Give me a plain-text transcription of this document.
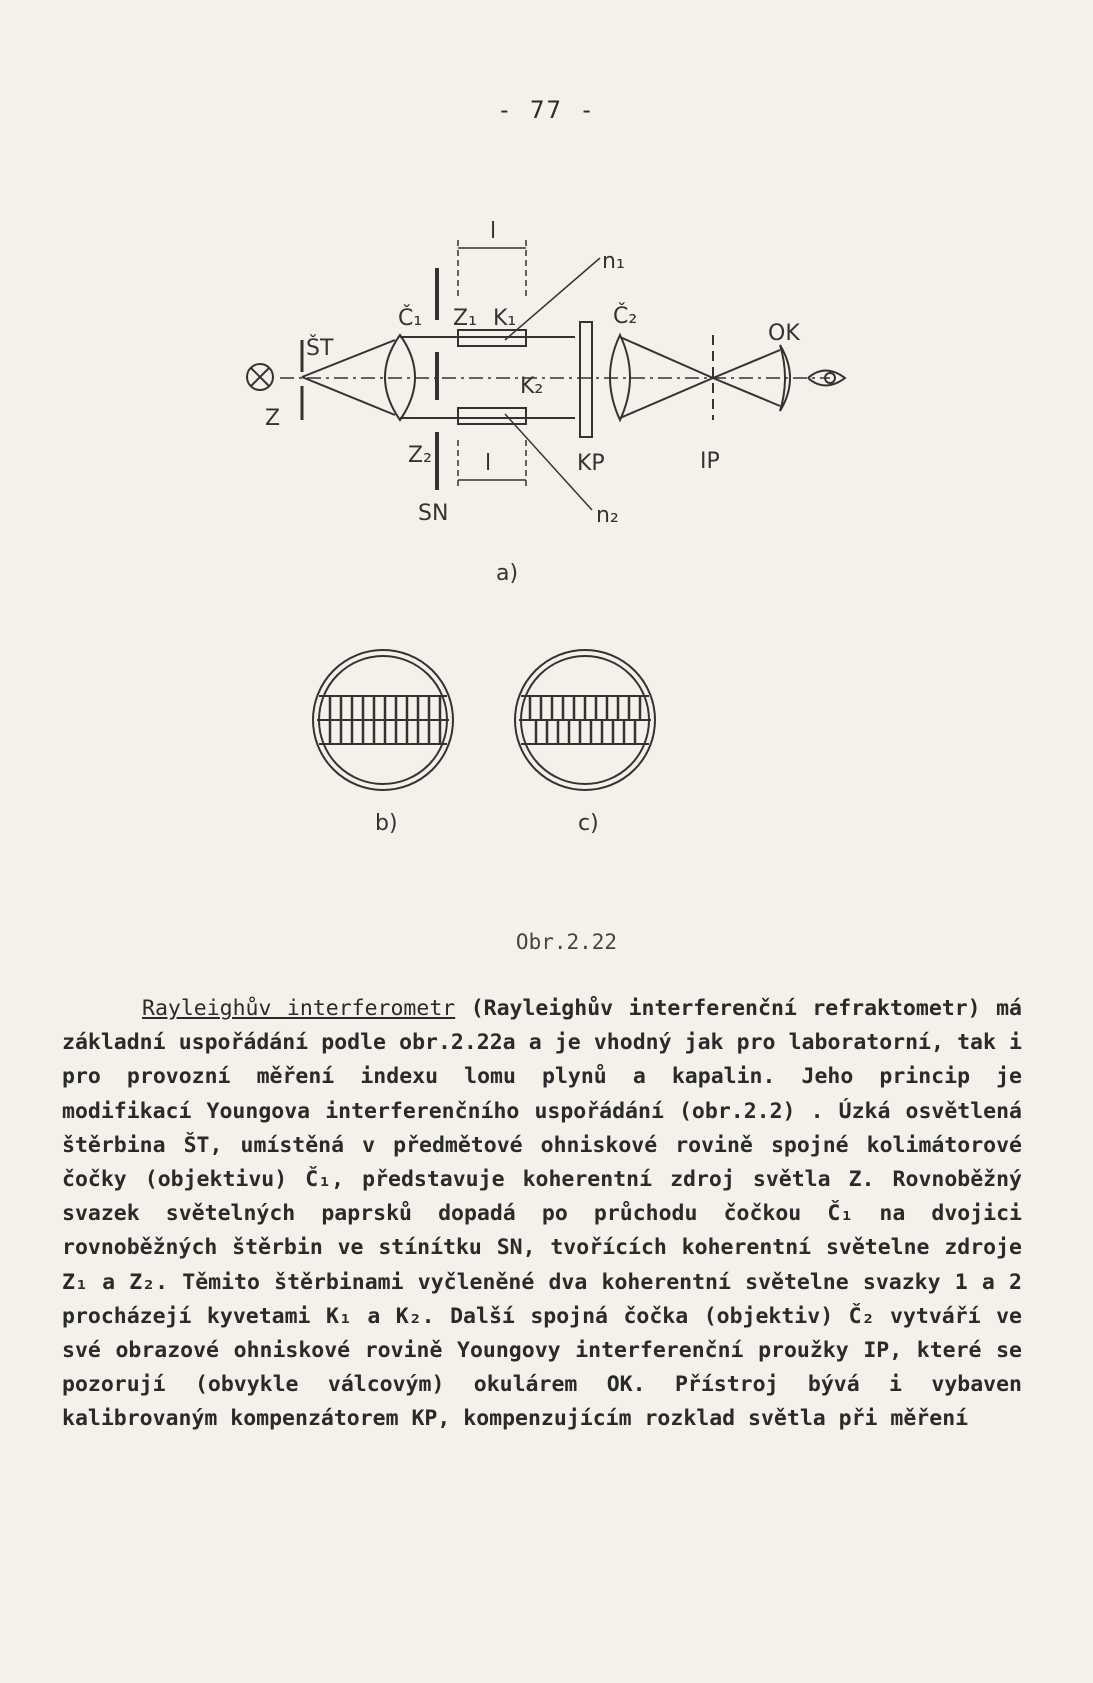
- 77 -
l
n₁
Č₁ Z₁ K₁	Č₂
ŠT
OK
K₂
Z
Z₂ l	KP	IP
SN	n₂
a)
b)	c)
Obr.2.22

Rayleighův interferometr (Rayleighův interferenční refraktometr) má základní uspořádání podle obr.2.22a a je vhodný jak pro laboratorní, tak i pro provozní měření indexu lomu plynů a kapalin. Jeho princip je modifikací Youngova interferenčního uspořádání (obr.2.2) . Úzká osvětlená štěrbina ŠT, umístěná v předmětové ohniskové rovině spojné kolimátorové čočky (objektivu) Č₁, představuje koherentní zdroj světla Z. Rovnoběžný svazek světelných paprsků dopadá po průchodu čočkou Č₁ na dvojici rovnoběžných štěrbin ve stínítku SN, tvořících koherentní světelne zdroje Z₁ a Z₂. Těmito štěrbinami vyčleněné dva koherentní světelne svazky 1 a 2 procházejí kyvetami K₁ a K₂. Další spojná čočka (objektiv) Č₂ vytváří ve své obrazové ohniskové rovině Youngovy interferenční proužky IP, které se pozorují (obvykle válcovým) okulárem OK. Přístroj bývá i vybaven kalibrovaným kompenzátorem KP, kompenzujícím rozklad světla při měření
